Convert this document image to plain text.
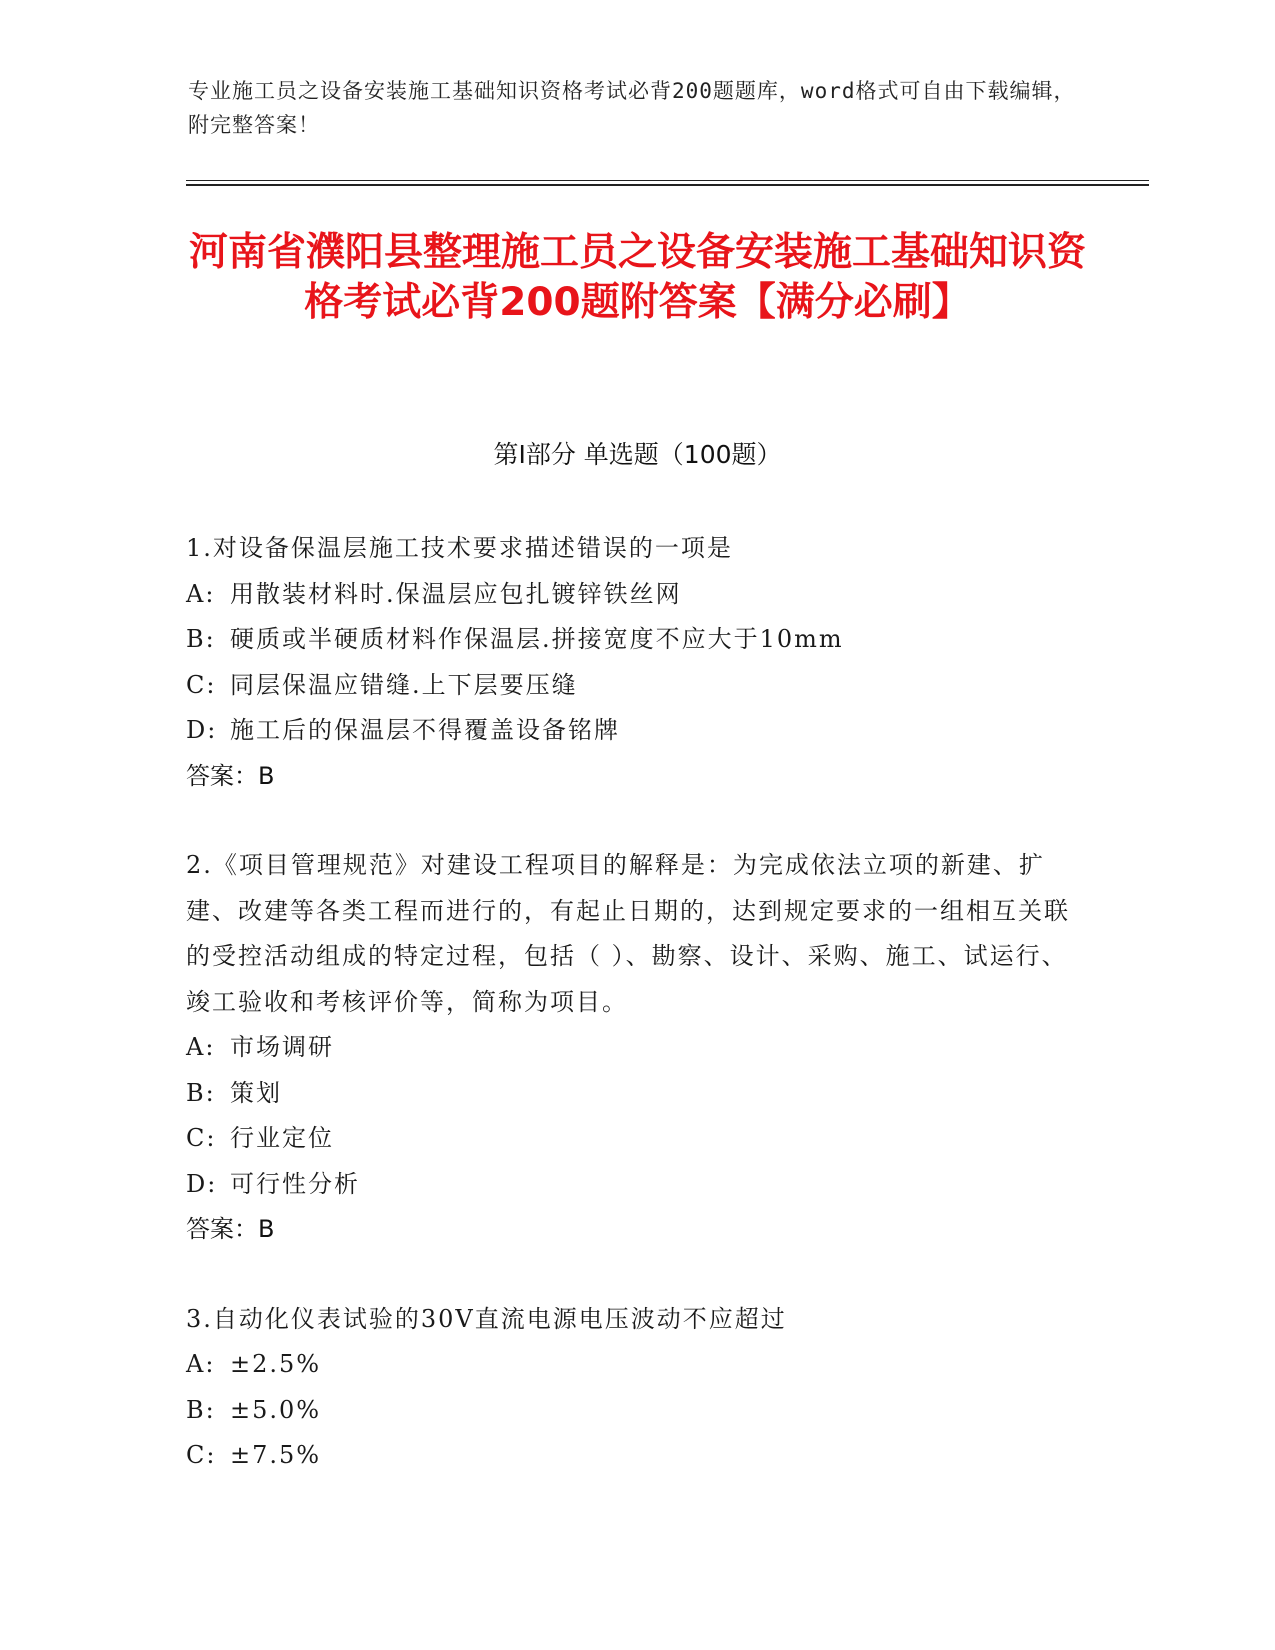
专业施工员之设备安装施工基础知识资格考试必背200题题库，word格式可自由下载编辑，附完整答案！
河南省濮阳县整理施工员之设备安装施工基础知识资格考试必背200题附答案【满分必刷】
第Ⅰ部分 单选题（100题）

1.对设备保温层施工技术要求描述错误的一项是

A: 用散装材料时.保温层应包扎镀锌铁丝网

B: 硬质或半硬质材料作保温层.拼接宽度不应大于10mm

C: 同层保温应错缝.上下层要压缝

D: 施工后的保温层不得覆盖设备铭牌

答案：B

2.《项目管理规范》对建设工程项目的解释是：为完成依法立项的新建、扩建、改建等各类工程而进行的，有起止日期的，达到规定要求的一组相互关联的受控活动组成的特定过程，包括（ ）、勘察、设计、采购、施工、试运行、竣工验收和考核评价等，简称为项目。

A: 市场调研

B: 策划

C: 行业定位

D: 可行性分析

答案：B

3.自动化仪表试验的30V直流电源电压波动不应超过

A: ±2.5%

B: ±5.0%

C: ±7.5%
